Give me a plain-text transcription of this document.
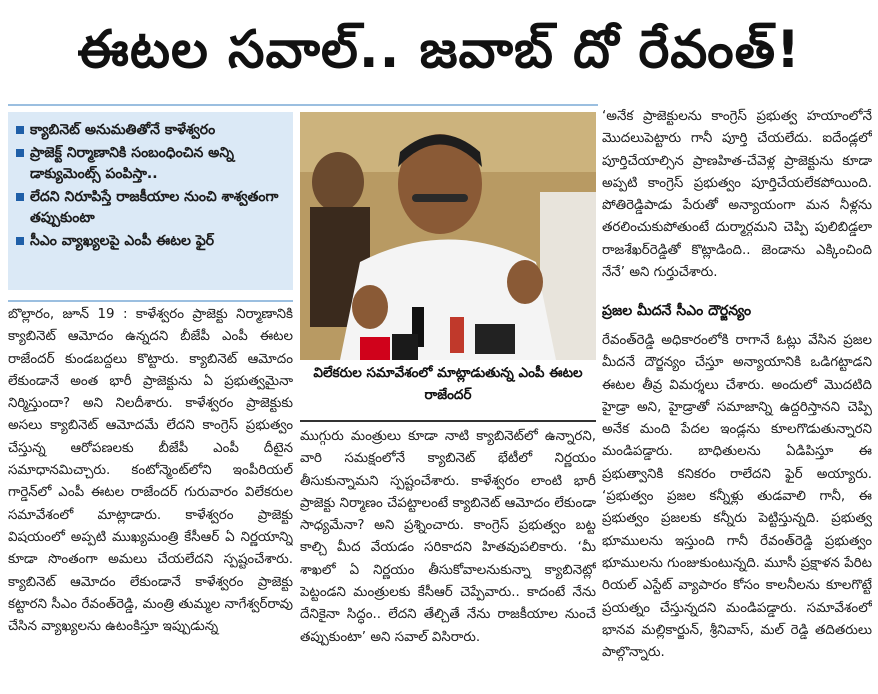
ఈటల సవాల్.. జవాబ్ దో రేవంత్!
క్యాబినెట్ అనుమతితోనే కాళేశ్వరం
ప్రాజెక్ట్ నిర్మాణానికి సంబంధించిన అన్ని డాక్యుమెంట్స్ పంపిస్తా..
లేదని నిరూపిస్తే రాజకీయాల నుంచి శాశ్వతంగా తప్పుకుంటా
సీఎం వ్యాఖ్యలపై ఎంపీ ఈటల ఫైర్
విలేకరుల సమావేశంలో మాట్లాడుతున్న ఎంపీ ఈటల రాజేందర్

బొల్లారం, జూన్ 19 : కాళేశ్వరం ప్రాజెక్టు నిర్మాణానికి క్యాబినెట్ ఆమోదం ఉన్నదని బీజేపీ ఎంపీ ఈటల రాజేందర్ కుండబద్దలు కొట్టారు. క్యాబినెట్ ఆమోదం లేకుండానే అంత భారీ ప్రాజెక్టును ఏ ప్రభుత్వమైనా నిర్మిస్తుందా? అని నిలదీశారు. కాళేశ్వరం ప్రాజెక్టుకు అసలు క్యాబినెట్ ఆమోదమే లేదని కాంగ్రెస్ ప్రభుత్వం చేస్తున్న ఆరోపణలకు బీజేపీ ఎంపీ దీటైన సమాధానమిచ్చారు. కంటోన్మెంట్‌లోని ఇంపీరియల్ గార్డెన్‌లో ఎంపీ ఈటల రాజేందర్ గురువారం విలేకరుల సమావేశంలో మాట్లాడారు. కాళేశ్వరం ప్రాజెక్టు విషయంలో అప్పటి ముఖ్యమంత్రి కేసీఆర్ ఏ నిర్ణయాన్ని కూడా సొంతంగా అమలు చేయలేదని స్పష్టంచేశారు. క్యాబినెట్ ఆమోదం లేకుండానే కాళేశ్వరం ప్రాజెక్టు కట్టారని సీఎం రేవంత్‌రెడ్డి, మంత్రి తుమ్మల నాగేశ్వర్‌రావు చేసిన వ్యాఖ్యలను ఉటంకిస్తూ ఇప్పుడున్న

ముగ్గురు మంత్రులు కూడా నాటి క్యాబినెట్‌లో ఉన్నారని, వారి సమక్షంలోనే క్యాబినెట్ భేటీలో నిర్ణయం తీసుకున్నామని స్పష్టంచేశారు. కాళేశ్వరం లాంటి భారీ ప్రాజెక్టు నిర్మాణం చేపట్టాలంటే క్యాబినెట్ ఆమోదం లేకుండా సాధ్యమేనా? అని ప్రశ్నించారు. కాంగ్రెస్ ప్రభుత్వం బట్ట కాల్చి మీద వేయడం సరికాదని హితవుపలికారు. ‘మీ శాఖలో ఏ నిర్ణయం తీసుకోవాలనుకున్నా క్యాబినెట్లో పెట్టండని మంత్రులకు కేసీఆర్ చెప్పేవారు.. కాదంటే నేను దేనికైనా సిద్ధం.. లేదని తేల్చితే నేను రాజకీయాల నుంచే తప్పుకుంటా’ అని సవాల్ విసిరారు.

‘అనేక ప్రాజెక్టులను కాంగ్రెస్ ప్రభుత్వ హయాంలోనే మొదలుపెట్టారు గానీ పూర్తి చేయలేదు. ఐదేండ్లలో పూర్తిచేయాల్సిన ప్రాణహిత-చేవెళ్ల ప్రాజెక్టును కూడా అప్పటి కాంగ్రెస్ ప్రభుత్వం పూర్తిచేయలేకపోయింది. పోతిరెడ్డిపాడు పేరుతో అన్యాయంగా మన నీళ్లను తరలించుకుపోతుంటే దుర్మార్గమని చెప్పి పులిబిడ్డలా రాజశేఖర్‌రెడ్డితో కొట్లాడింది.. జెండాను ఎక్కించింది నేనే’ అని గుర్తుచేశారు.

ప్రజల మీదనే సీఎం దౌర్జన్యం

రేవంత్‌రెడ్డి అధికారంలోకి రాగానే ఓట్లు వేసిన ప్రజల మీదనే దౌర్జన్యం చేస్తూ అన్యాయానికి ఒడిగట్టాడని ఈటల తీవ్ర విమర్శలు చేశారు. అందులో మొదటిది హైడ్రా అని, హైడ్రాతో సమాజాన్ని ఉద్దరిస్తానని చెప్పి అనేక మంది పేదల ఇండ్లను కూలగొడుతున్నారని మండిపడ్డారు. బాధితులను ఏడిపిస్తూ ఈ ప్రభుత్వానికి కనికరం రాలేదని ఫైర్ అయ్యారు. ‘ప్రభుత్వం ప్రజల కన్నీళ్లు తుడవాలి గానీ, ఈ ప్రభుత్వం ప్రజలకు కన్నీరు పెట్టిస్తున్నది. ప్రభుత్వ భూములను ఇస్తుంది గానీ రేవంత్‌రెడ్డి ప్రభుత్వం భూములను గుంజుకుంటున్నది. మూసీ ప్రక్షాళన పేరిట రియల్ ఎస్టేట్ వ్యాపారం కోసం కాలనీలను కూలగొట్టే ప్రయత్నం చేస్తున్నదని మండిపడ్డారు. సమావేశంలో భానవ మల్లికార్జున్, శ్రీనివాస్, మల్ రెడ్డి తదితరులు పాల్గొన్నారు.
